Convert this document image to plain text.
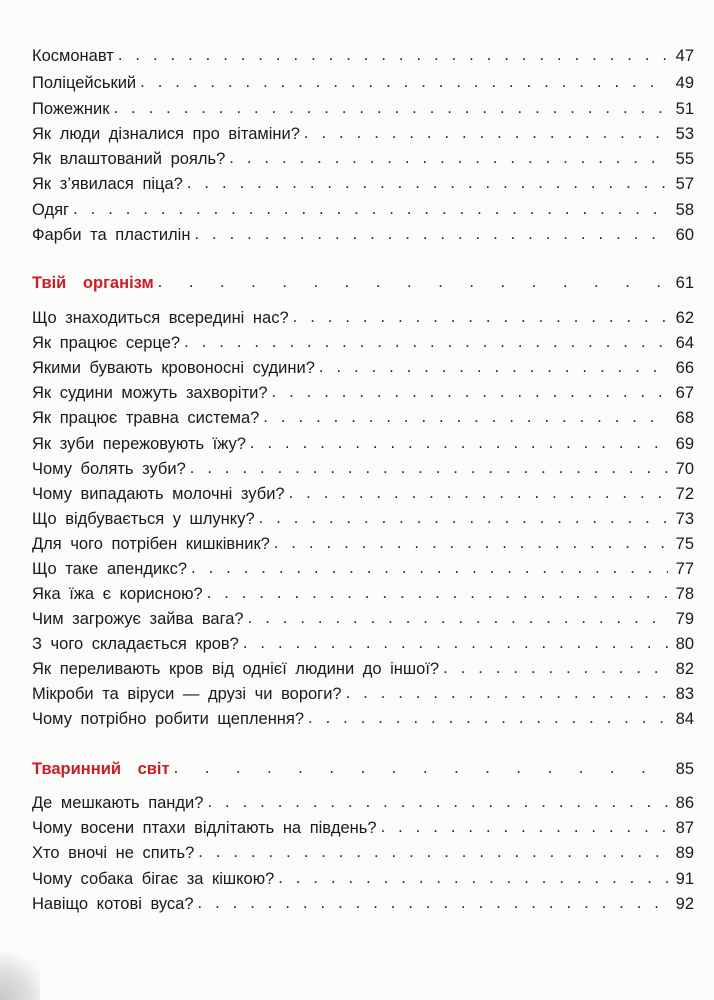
Космонавт . . .	47
Поліцейський . . .	49
Пожежник . . .	51
Як люди дізналися про вітаміни? . . .	53
Як влаштований рояль? . . .	55
Як з’явилася піца? . . .	57
Одяг . . .	58
Фарби та пластилін . . .	60
Твій організм . . .	61
Що знаходиться всередині нас? . . .	62
Як працює серце? . . .	64
Якими бувають кровоносні судини? . . .	66
Як судини можуть захворіти? . . .	67
Як працює травна система? . . .	68
Як зуби пережовують їжу? . . .	69
Чому болять зуби? . . .	70
Чому випадають молочні зуби? . . .	72
Що відбувається у шлунку? . . .	73
Для чого потрібен кишківник? . . .	75
Що таке апендикс? . . .	77
Яка їжа є корисною? . . .	78
Чим загрожує зайва вага? . . .	79
З чого складається кров? . . .	80
Як переливають кров від однієї людини до іншої? . . .	82
Мікроби та віруси — друзі чи вороги? . . .	83
Чому потрібно робити щеплення? . . .	84
Тваринний світ . . .	85
Де мешкають панди? . . .	86
Чому восени птахи відлітають на південь? . . .	87
Хто вночі не спить? . . .	89
Чому собака бігає за кішкою? . . .	91
Навіщо котові вуса? . . .	92
